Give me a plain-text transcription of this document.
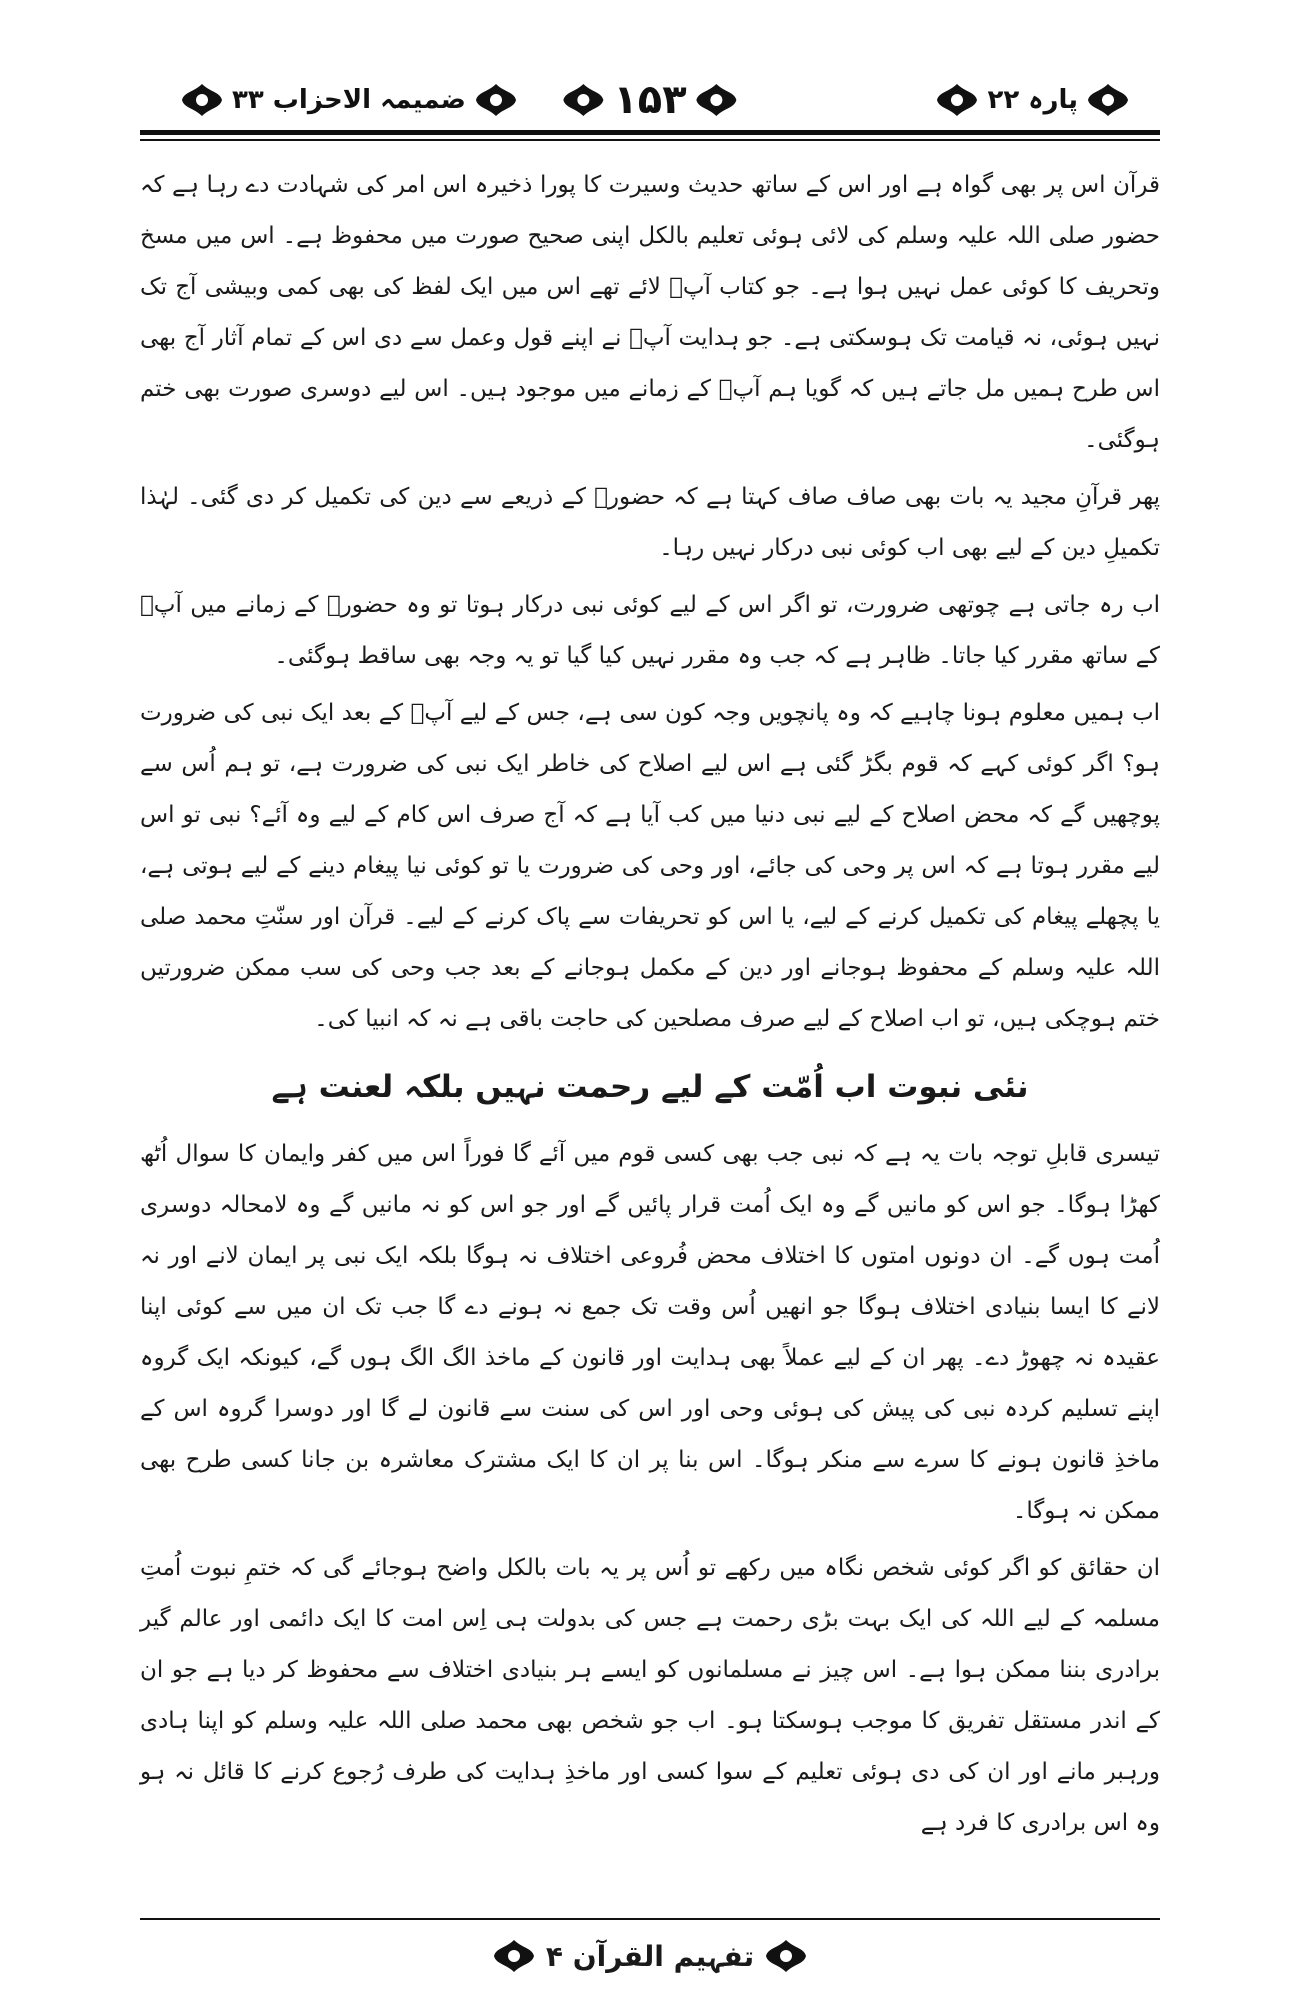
پارہ ۲۲
۱۵۳
ضمیمہ الاحزاب ۳۳

قرآن اس پر بھی گواہ ہے اور اس کے ساتھ حدیث وسیرت کا پورا ذخیرہ اس امر کی شہادت دے رہا ہے کہ حضور صلی اللہ علیہ وسلم کی لائی ہوئی تعلیم بالکل اپنی صحیح صورت میں محفوظ ہے۔ اس میں مسخ وتحریف کا کوئی عمل نہیں ہوا ہے۔ جو کتاب آپؐ لائے تھے اس میں ایک لفظ کی بھی کمی وبیشی آج تک نہیں ہوئی، نہ قیامت تک ہوسکتی ہے۔ جو ہدایت آپؐ نے اپنے قول وعمل سے دی اس کے تمام آثار آج بھی اس طرح ہمیں مل جاتے ہیں کہ گویا ہم آپؐ کے زمانے میں موجود ہیں۔ اس لیے دوسری صورت بھی ختم ہوگئی۔

پھر قرآنِ مجید یہ بات بھی صاف صاف کہتا ہے کہ حضورؐ کے ذریعے سے دین کی تکمیل کر دی گئی۔ لہٰذا تکمیلِ دین کے لیے بھی اب کوئی نبی درکار نہیں رہا۔

اب رہ جاتی ہے چوتھی ضرورت، تو اگر اس کے لیے کوئی نبی درکار ہوتا تو وہ حضورؐ کے زمانے میں آپؐ کے ساتھ مقرر کیا جاتا۔ ظاہر ہے کہ جب وہ مقرر نہیں کیا گیا تو یہ وجہ بھی ساقط ہوگئی۔

اب ہمیں معلوم ہونا چاہیے کہ وہ پانچویں وجہ کون سی ہے، جس کے لیے آپؐ کے بعد ایک نبی کی ضرورت ہو؟ اگر کوئی کہے کہ قوم بگڑ گئی ہے اس لیے اصلاح کی خاطر ایک نبی کی ضرورت ہے، تو ہم اُس سے پوچھیں گے کہ محض اصلاح کے لیے نبی دنیا میں کب آیا ہے کہ آج صرف اس کام کے لیے وہ آئے؟ نبی تو اس لیے مقرر ہوتا ہے کہ اس پر وحی کی جائے، اور وحی کی ضرورت یا تو کوئی نیا پیغام دینے کے لیے ہوتی ہے، یا پچھلے پیغام کی تکمیل کرنے کے لیے، یا اس کو تحریفات سے پاک کرنے کے لیے۔ قرآن اور سنّتِ محمد صلی اللہ علیہ وسلم کے محفوظ ہوجانے اور دین کے مکمل ہوجانے کے بعد جب وحی کی سب ممکن ضرورتیں ختم ہوچکی ہیں، تو اب اصلاح کے لیے صرف مصلحین کی حاجت باقی ہے نہ کہ انبیا کی۔

نئی نبوت اب اُمّت کے لیے رحمت نہیں بلکہ لعنت ہے

تیسری قابلِ توجہ بات یہ ہے کہ نبی جب بھی کسی قوم میں آئے گا فوراً اس میں کفر وایمان کا سوال اُٹھ کھڑا ہوگا۔ جو اس کو مانیں گے وہ ایک اُمت قرار پائیں گے اور جو اس کو نہ مانیں گے وہ لامحالہ دوسری اُمت ہوں گے۔ ان دونوں امتوں کا اختلاف محض فُروعی اختلاف نہ ہوگا بلکہ ایک نبی پر ایمان لانے اور نہ لانے کا ایسا بنیادی اختلاف ہوگا جو انھیں اُس وقت تک جمع نہ ہونے دے گا جب تک ان میں سے کوئی اپنا عقیدہ نہ چھوڑ دے۔ پھر ان کے لیے عملاً بھی ہدایت اور قانون کے ماخذ الگ الگ ہوں گے، کیونکہ ایک گروہ اپنے تسلیم کردہ نبی کی پیش کی ہوئی وحی اور اس کی سنت سے قانون لے گا اور دوسرا گروہ اس کے ماخذِ قانون ہونے کا سرے سے منکر ہوگا۔ اس بنا پر ان کا ایک مشترک معاشرہ بن جانا کسی طرح بھی ممکن نہ ہوگا۔

ان حقائق کو اگر کوئی شخص نگاہ میں رکھے تو اُس پر یہ بات بالکل واضح ہوجائے گی کہ ختمِ نبوت اُمتِ مسلمہ کے لیے اللہ کی ایک بہت بڑی رحمت ہے جس کی بدولت ہی اِس امت کا ایک دائمی اور عالم گیر برادری بننا ممکن ہوا ہے۔ اس چیز نے مسلمانوں کو ایسے ہر بنیادی اختلاف سے محفوظ کر دیا ہے جو ان کے اندر مستقل تفریق کا موجب ہوسکتا ہو۔ اب جو شخص بھی محمد صلی اللہ علیہ وسلم کو اپنا ہادی ورہبر مانے اور ان کی دی ہوئی تعلیم کے سوا کسی اور ماخذِ ہدایت کی طرف رُجوع کرنے کا قائل نہ ہو وہ اس برادری کا فرد ہے

تفہیم القرآن ۴
